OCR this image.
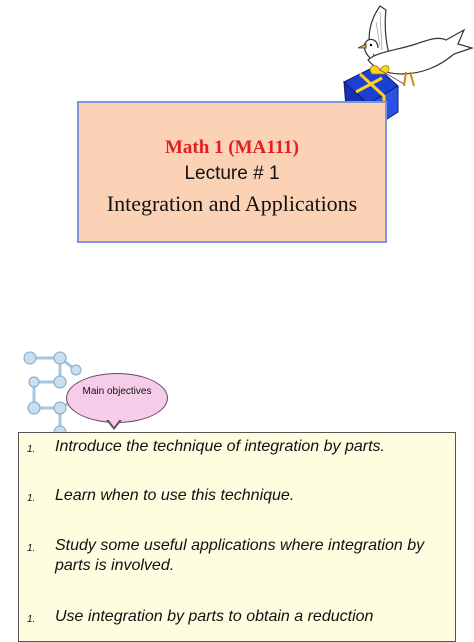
Math 1 (MA111)
Lecture # 1
Integration and Applications
Main objectives
1. Introduce the technique of integration by parts.
1. Learn when to use this technique.
1. Study some useful applications where integration by parts is involved.
1. Use integration by parts to obtain a reduction
